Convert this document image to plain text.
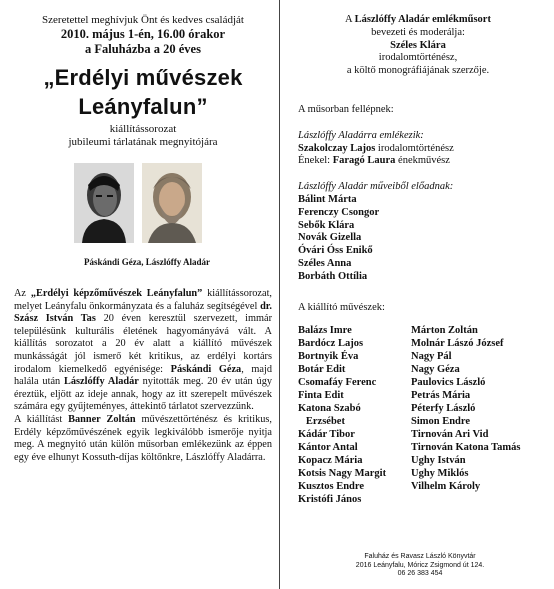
Szeretettel meghívjuk Önt és kedves családját

2010. május 1-én, 16.00 órakor

a Faluházba a 20 éves

„Erdélyi művészek
Leányfalun”

kiállítássorozat

jubileumi tárlatának megnyitójára

Páskándi Géza, Lászlóffy Aladár

Az „Erdélyi képzőművészek Leányfalun” kiállítássorozat, melyet Leányfalu önkormányzata és a faluház segítségével dr. Szász István Tas 20 éven keresztül szervezett, immár településünk kulturális életének hagyományává vált. A kiállítás sorozatot a 20 év alatt a kiállító művészek munkásságát jól ismerő két kritikus, az erdélyi kortárs irodalom kiemelkedő egyénisége: Páskándi Géza, majd halála után Lászlóffy Aladár nyitották meg. 20 év után úgy éreztük, eljött az ideje annak, hogy az itt szerepelt művészek számára egy gyűjteményes, áttekintő tárlatot szervezzünk.

A kiállítást Banner Zoltán művészettörténész és kritikus, Erdély képzőművészének egyik legkiválóbb ismerője nyitja meg. A megnyitó után külön műsorban emlékezünk az éppen egy éve elhunyt Kossuth-díjas költőnkre, Lászlóffy Aladárra.

A Lászlóffy Aladár emlékműsort

bevezeti és moderálja:

Széles Klára

irodalomtörténész,

a költő monográfiájának szerzője.

A műsorban fellépnek:

Lászlóffy Aladárra emlékezik:

Szakolczay Lajos irodalomtörténész

Énekel: Faragó Laura énekművész

Lászlóffy Aladár műveiből előadnak:

Bálint Márta
Ferenczy Csongor
Sebők Klára
Novák Gizella
Óvári Óss Enikő
Széles Anna
Borbáth Ottília

A kiállító művészek:

Balázs Imre
Bardócz Lajos
Bortnyik Éva
Botár Edit
Csomafáy Ferenc
Finta Edit
Katona Szabó
Erzsébet
Kádár Tibor
Kántor Antal
Kopacz Mária
Kotsis Nagy Margit
Kusztos Endre
Kristófi János
Márton Zoltán
Molnár Lászó József
Nagy Pál
Nagy Géza
Paulovics László
Petrás Mária
Péterfy László
Simon Endre
Tirnován Ari Vid
Tirnován Katona Tamás
Ughy István
Ughy Miklós
Vilhelm Károly
Faluház és Ravasz László Könyvtár
2016 Leányfalu, Móricz Zsigmond út 124.
06 26 383 454
